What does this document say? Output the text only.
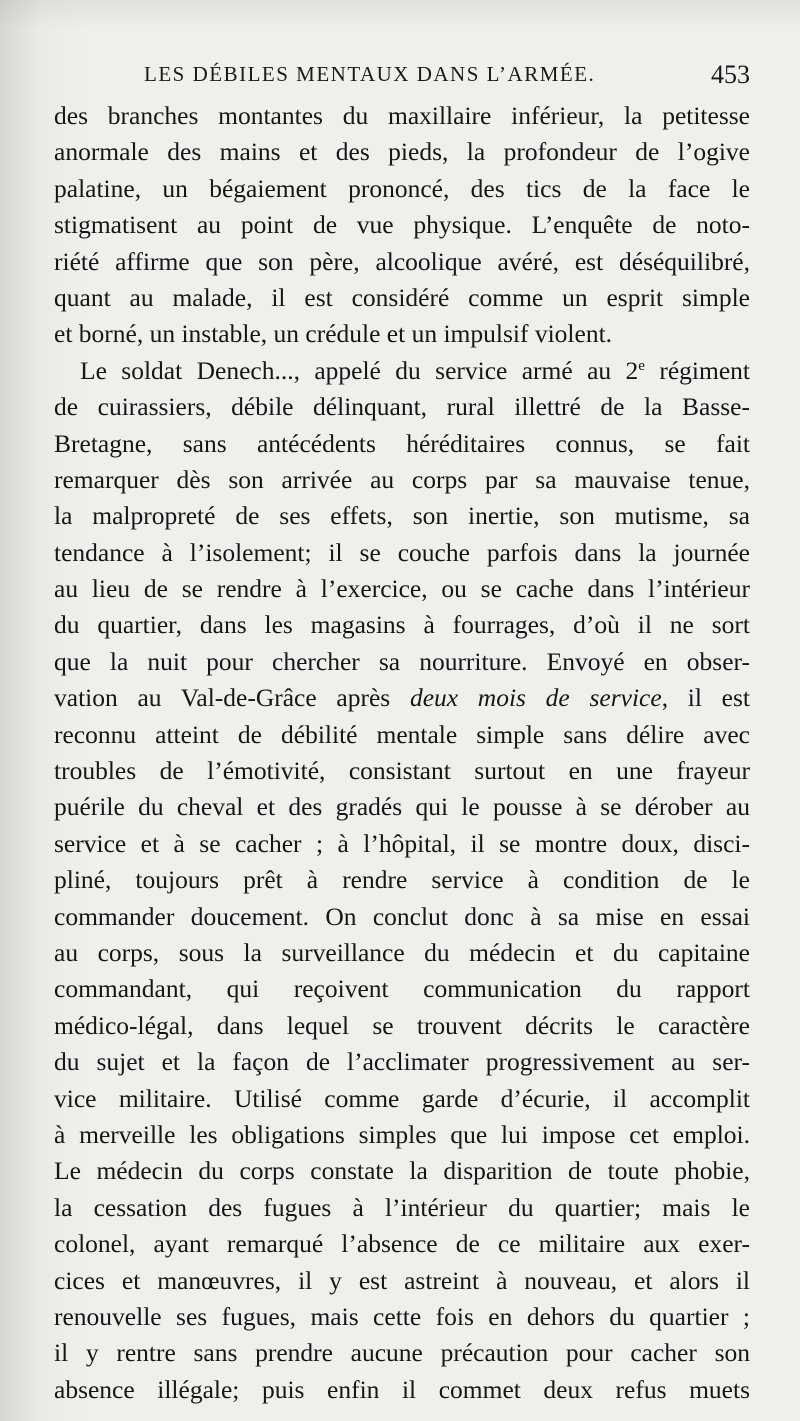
LES DÉBILES MENTAUX DANS L’ARMÉE.	453
des branches montantes du maxillaire inférieur, la petitesse
anormale des mains et des pieds, la profondeur de l’ogive
palatine, un bégaiement prononcé, des tics de la face le
stigmatisent au point de vue physique. L’enquête de noto-
riété affirme que son père, alcoolique avéré, est déséquilibré,
quant au malade, il est considéré comme un esprit simple
et borné, un instable, un crédule et un impulsif violent.
Le soldat Denech..., appelé du service armé au 2e régiment
de cuirassiers, débile délinquant, rural illettré de la Basse-
Bretagne, sans antécédents héréditaires connus, se fait
remarquer dès son arrivée au corps par sa mauvaise tenue,
la malpropreté de ses effets, son inertie, son mutisme, sa
tendance à l’isolement; il se couche parfois dans la journée
au lieu de se rendre à l’exercice, ou se cache dans l’intérieur
du quartier, dans les magasins à fourrages, d’où il ne sort
que la nuit pour chercher sa nourriture. Envoyé en obser-
vation au Val-de-Grâce après deux mois de service, il est
reconnu atteint de débilité mentale simple sans délire avec
troubles de l’émotivité, consistant surtout en une frayeur
puérile du cheval et des gradés qui le pousse à se dérober au
service et à se cacher ; à l’hôpital, il se montre doux, disci-
pliné, toujours prêt à rendre service à condition de le
commander doucement. On conclut donc à sa mise en essai
au corps, sous la surveillance du médecin et du capitaine
commandant, qui reçoivent communication du rapport
médico-légal, dans lequel se trouvent décrits le caractère
du sujet et la façon de l’acclimater progressivement au ser-
vice militaire. Utilisé comme garde d’écurie, il accomplit
à merveille les obligations simples que lui impose cet emploi.
Le médecin du corps constate la disparition de toute phobie,
la cessation des fugues à l’intérieur du quartier; mais le
colonel, ayant remarqué l’absence de ce militaire aux exer-
cices et manœuvres, il y est astreint à nouveau, et alors il
renouvelle ses fugues, mais cette fois en dehors du quartier ;
il y rentre sans prendre aucune précaution pour cacher son
absence illégale; puis enfin il commet deux refus muets
